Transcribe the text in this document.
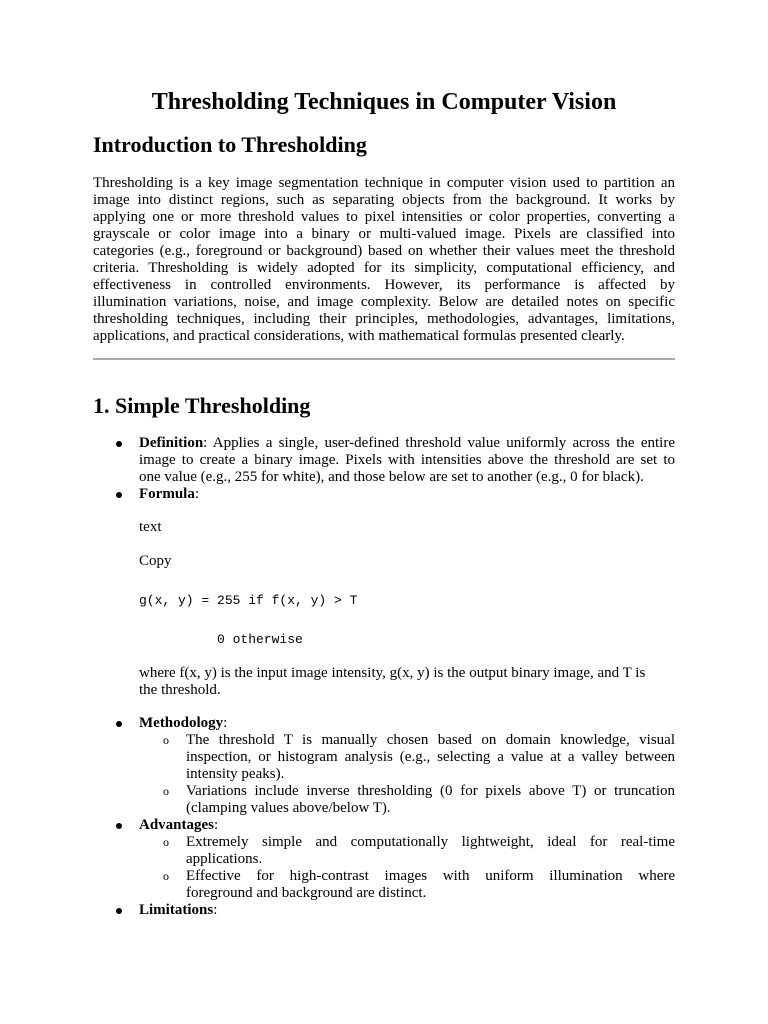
Thresholding Techniques in Computer Vision
Introduction to Thresholding
Thresholding is a key image segmentation technique in computer vision used to partition an
image into distinct regions, such as separating objects from the background. It works by
applying one or more threshold values to pixel intensities or color properties, converting a
grayscale or color image into a binary or multi-valued image. Pixels are classified into
categories (e.g., foreground or background) based on whether their values meet the threshold
criteria. Thresholding is widely adopted for its simplicity, computational efficiency, and
effectiveness in controlled environments. However, its performance is affected by
illumination variations, noise, and image complexity. Below are detailed notes on specific
thresholding techniques, including their principles, methodologies, advantages, limitations,
applications, and practical considerations, with mathematical formulas presented clearly.
1. Simple Thresholding
Definition: Applies a single, user-defined threshold value uniformly across the entire
image to create a binary image. Pixels with intensities above the threshold are set to
one value (e.g., 255 for white), and those below are set to another (e.g., 0 for black).
Formula:
text
Copy
g(x, y) = 255 if f(x, y) > T
0 otherwise
where f(x, y) is the input image intensity, g(x, y) is the output binary image, and T is
the threshold.
Methodology:
o The threshold T is manually chosen based on domain knowledge, visual
inspection, or histogram analysis (e.g., selecting a value at a valley between
intensity peaks).
o Variations include inverse thresholding (0 for pixels above T) or truncation
(clamping values above/below T).
Advantages:
o Extremely simple and computationally lightweight, ideal for real-time
applications.
o Effective for high-contrast images with uniform illumination where
foreground and background are distinct.
Limitations:
